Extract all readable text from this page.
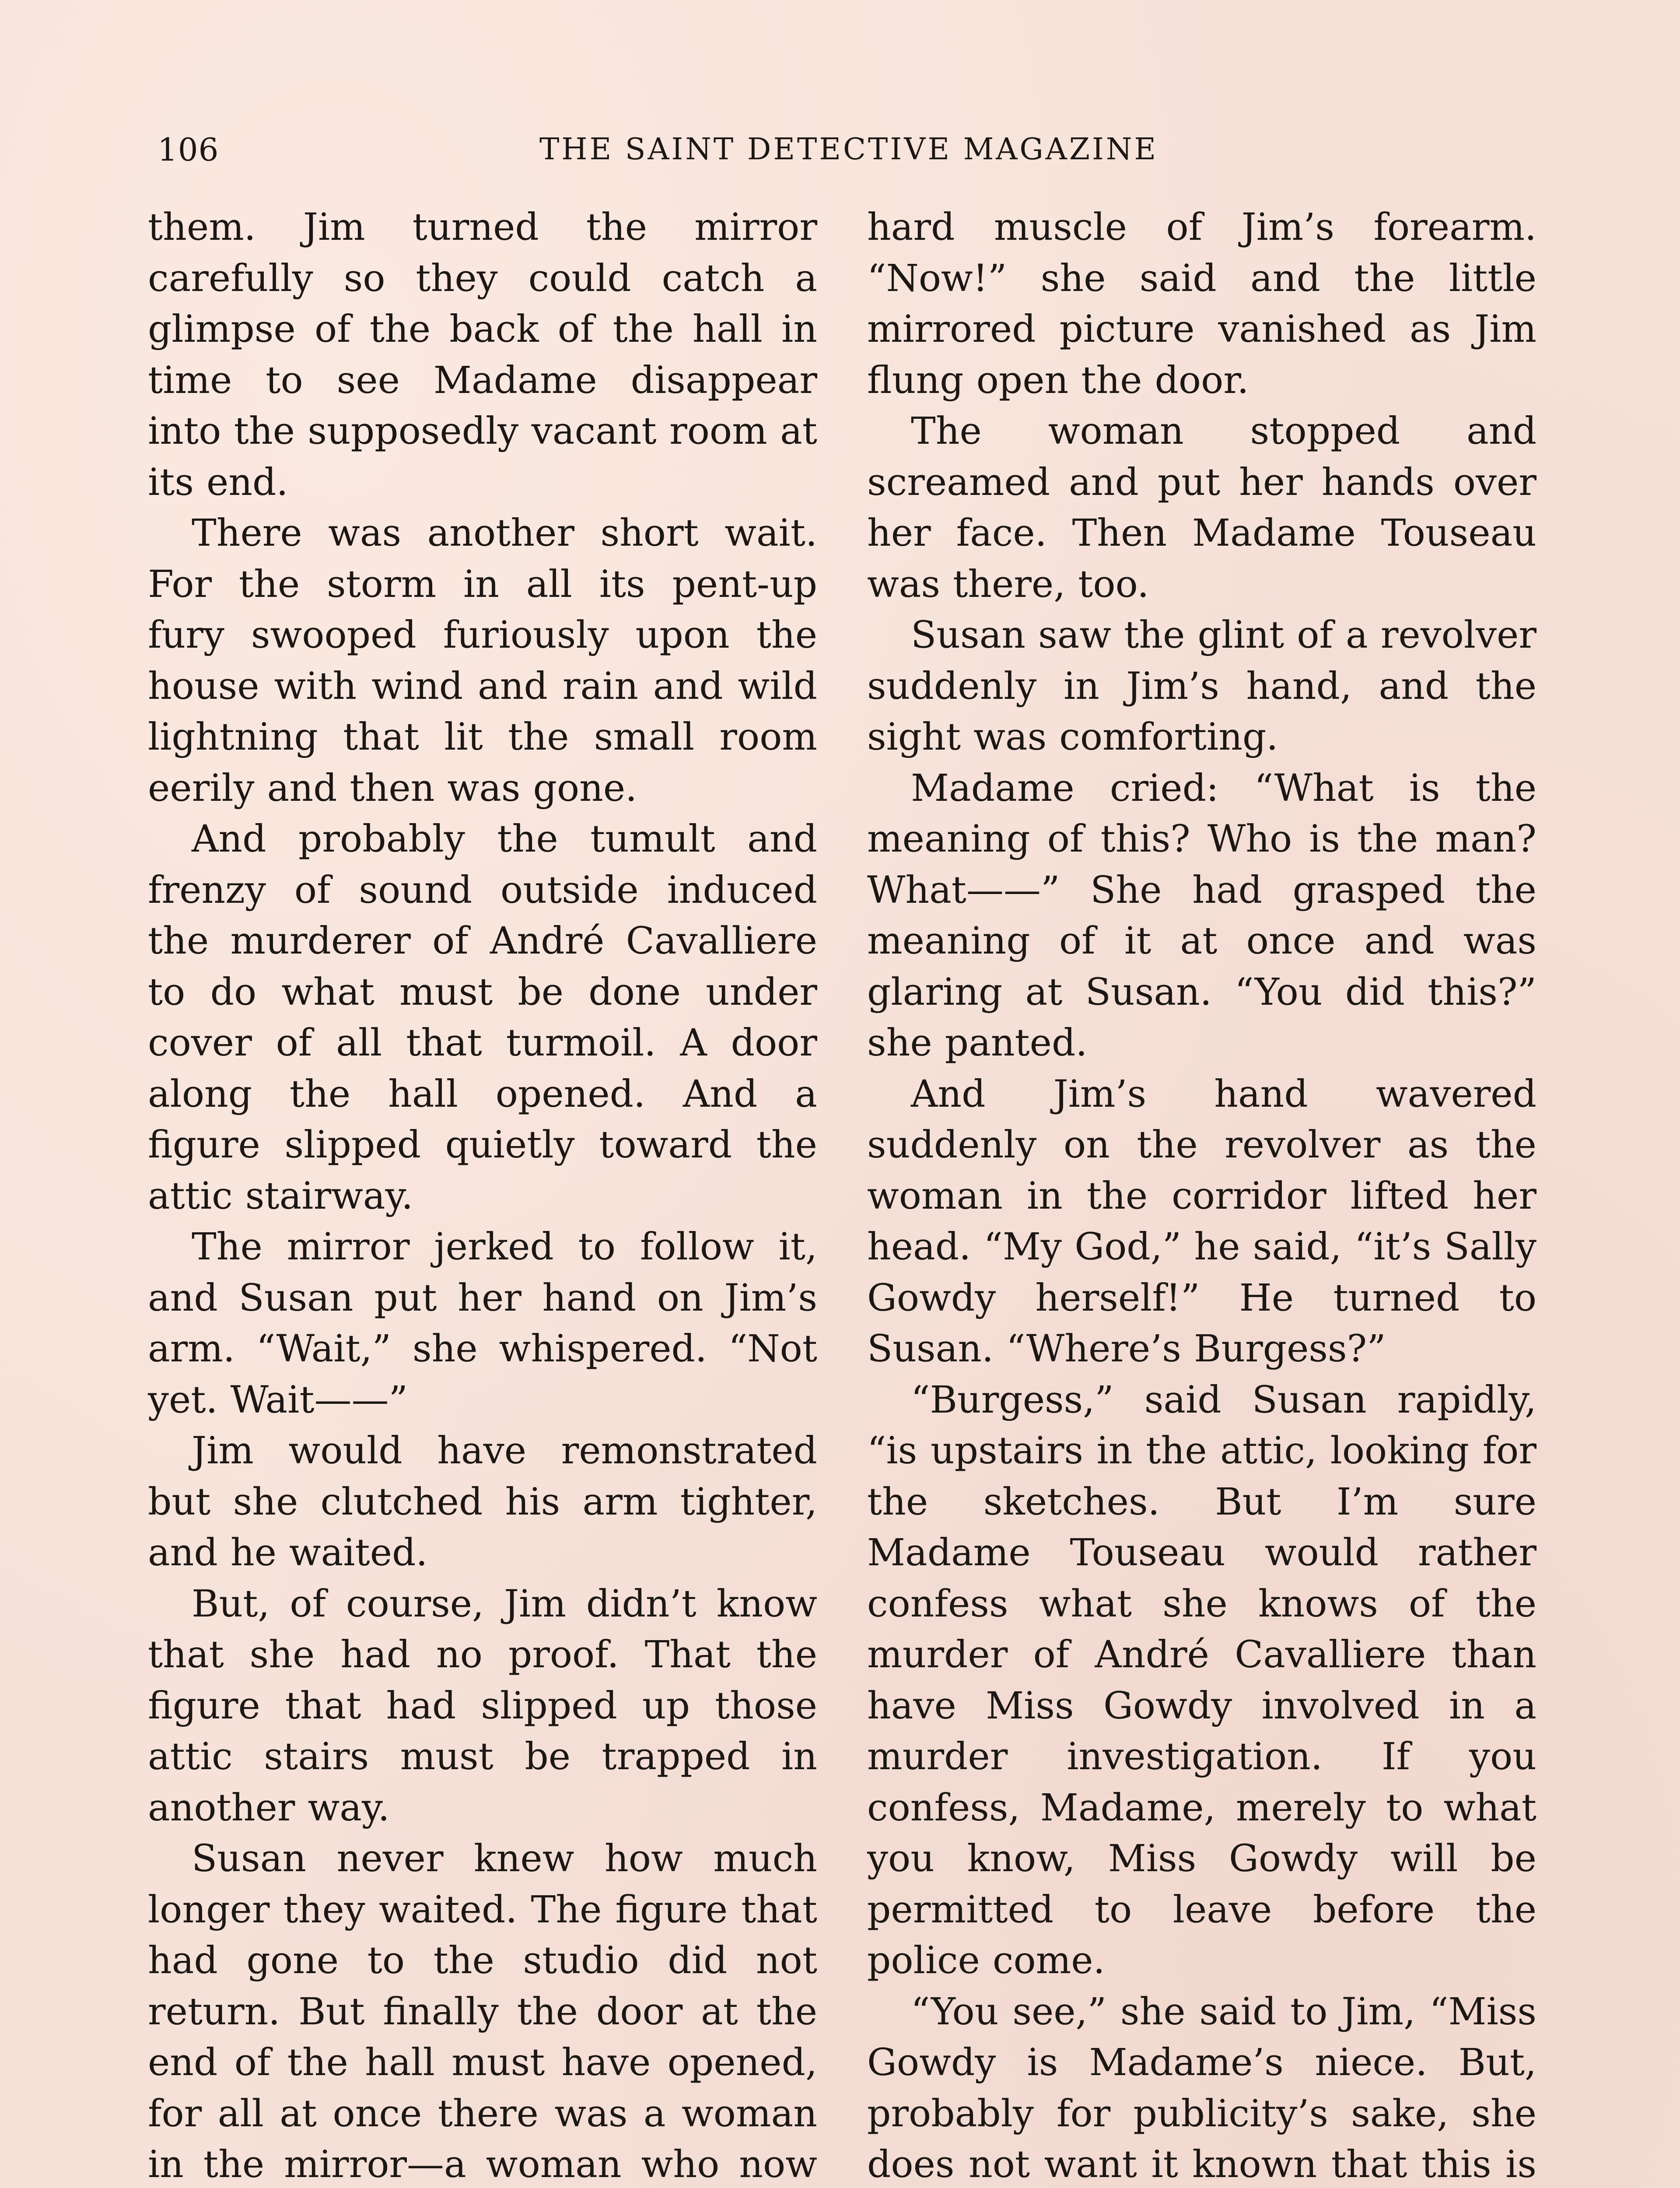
106	THE SAINT DETECTIVE MAGAZINE

them. Jim turned the mirror carefully so they could catch a glimpse of the back of the hall in time to see Madame disappear into the supposedly vacant room at its end.

There was another short wait. For the storm in all its pent-up fury swooped furiously upon the house with wind and rain and wild lightning that lit the small room eerily and then was gone.

And probably the tumult and frenzy of sound outside induced the murderer of André Cavalliere to do what must be done under cover of all that turmoil. A door along the hall opened. And a figure slipped quietly toward the attic stairway.

The mirror jerked to follow it, and Susan put her hand on Jim’s arm. “Wait,” she whispered. “Not yet. Wait——”

Jim would have remonstrated but she clutched his arm tighter, and he waited.

But, of course, Jim didn’t know that she had no proof. That the figure that had slipped up those attic stairs must be trapped in another way.

Susan never knew how much longer they waited. The figure that had gone to the studio did not return. But finally the door at the end of the hall must have opened, for all at once there was a woman in the mirror—a woman who now

hard muscle of Jim’s forearm. “Now!” she said and the little mirrored picture vanished as Jim flung open the door.

The woman stopped and screamed and put her hands over her face. Then Madame Touseau was there, too.

Susan saw the glint of a revolver suddenly in Jim’s hand, and the sight was comforting.

Madame cried: “What is the meaning of this? Who is the man? What——” She had grasped the meaning of it at once and was glaring at Susan. “You did this?” she panted.

And Jim’s hand wavered suddenly on the revolver as the woman in the corridor lifted her head. “My God,” he said, “it’s Sally Gowdy herself!” He turned to Susan. “Where’s Burgess?”

“Burgess,” said Susan rapidly, “is upstairs in the attic, looking for the sketches. But I’m sure Madame Touseau would rather confess what she knows of the murder of André Cavalliere than have Miss Gowdy involved in a murder investigation. If you confess, Madame, merely to what you know, Miss Gowdy will be permitted to leave before the police come.

“You see,” she said to Jim, “Miss Gowdy is Madame’s niece. But, probably for publicity’s sake, she does not want it known that this is
